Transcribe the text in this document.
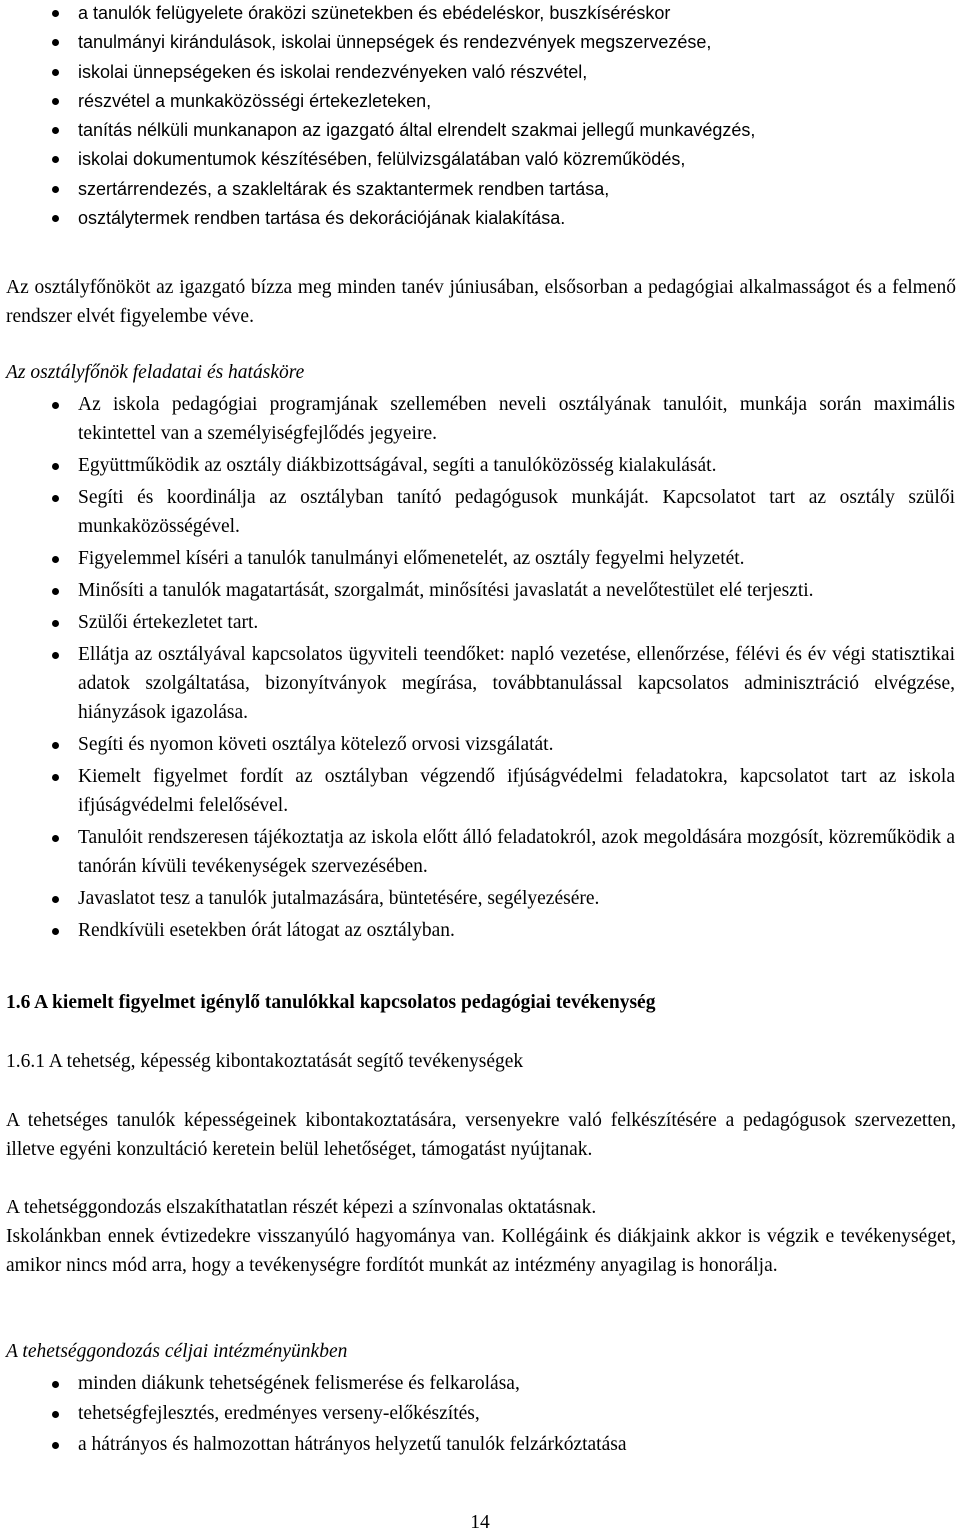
a tanulók felügyelete óraközi szünetekben és ebédeléskor, buszkíséréskor
tanulmányi kirándulások, iskolai ünnepségek és rendezvények megszervezése,
iskolai ünnepségeken és iskolai rendezvényeken való részvétel,
részvétel a munkaközösségi értekezleteken,
tanítás nélküli munkanapon az igazgató által elrendelt szakmai jellegű munkavégzés,
iskolai dokumentumok készítésében, felülvizsgálatában való közreműködés,
szertárrendezés, a szakleltárak és szaktantermek rendben tartása,
osztálytermek rendben tartása és dekorációjának kialakítása.
Az osztályfőnököt az igazgató bízza meg minden tanév júniusában, elsősorban a pedagógiai alkalmasságot és a felmenő rendszer elvét figyelembe véve.
Az osztályfőnök feladatai és hatásköre
Az iskola pedagógiai programjának szellemében neveli osztályának tanulóit, munkája során maximális tekintettel van a személyiségfejlődés jegyeire.
Együttműködik az osztály diákbizottságával, segíti a tanulóközösség kialakulását.
Segíti és koordinálja az osztályban tanító pedagógusok munkáját. Kapcsolatot tart az osztály szülői munkaközösségével.
Figyelemmel kíséri a tanulók tanulmányi előmenetelét, az osztály fegyelmi helyzetét.
Minősíti a tanulók magatartását, szorgalmát, minősítési javaslatát a nevelőtestület elé terjeszti.
Szülői értekezletet tart.
Ellátja az osztályával kapcsolatos ügyviteli teendőket: napló vezetése, ellenőrzése, félévi és év végi statisztikai adatok szolgáltatása, bizonyítványok megírása, továbbtanulással kapcsolatos adminisztráció elvégzése, hiányzások igazolása.
Segíti és nyomon követi osztálya kötelező orvosi vizsgálatát.
Kiemelt figyelmet fordít az osztályban végzendő ifjúságvédelmi feladatokra, kapcsolatot tart az iskola ifjúságvédelmi felelősével.
Tanulóit rendszeresen tájékoztatja az iskola előtt álló feladatokról, azok megoldására mozgósít, közreműködik a tanórán kívüli tevékenységek szervezésében.
Javaslatot tesz a tanulók jutalmazására, büntetésére, segélyezésére.
Rendkívüli esetekben órát látogat az osztályban.
1.6 A kiemelt figyelmet igénylő tanulókkal kapcsolatos pedagógiai tevékenység
1.6.1 A tehetség, képesség kibontakoztatását segítő tevékenységek
A tehetséges tanulók képességeinek kibontakoztatására, versenyekre való felkészítésére a pedagógusok szervezetten, illetve egyéni konzultáció keretein belül lehetőséget, támogatást nyújtanak.
A tehetséggondozás elszakíthatatlan részét képezi a színvonalas oktatásnak.
Iskolánkban ennek évtizedekre visszanyúló hagyománya van. Kollégáink és diákjaink akkor is végzik e tevékenységet, amikor nincs mód arra, hogy a tevékenységre fordítót munkát az intézmény anyagilag is honorálja.
A tehetséggondozás céljai intézményünkben
minden diákunk tehetségének felismerése és felkarolása,
tehetségfejlesztés, eredményes verseny-előkészítés,
a hátrányos és halmozottan hátrányos helyzetű tanulók felzárkóztatása
14
